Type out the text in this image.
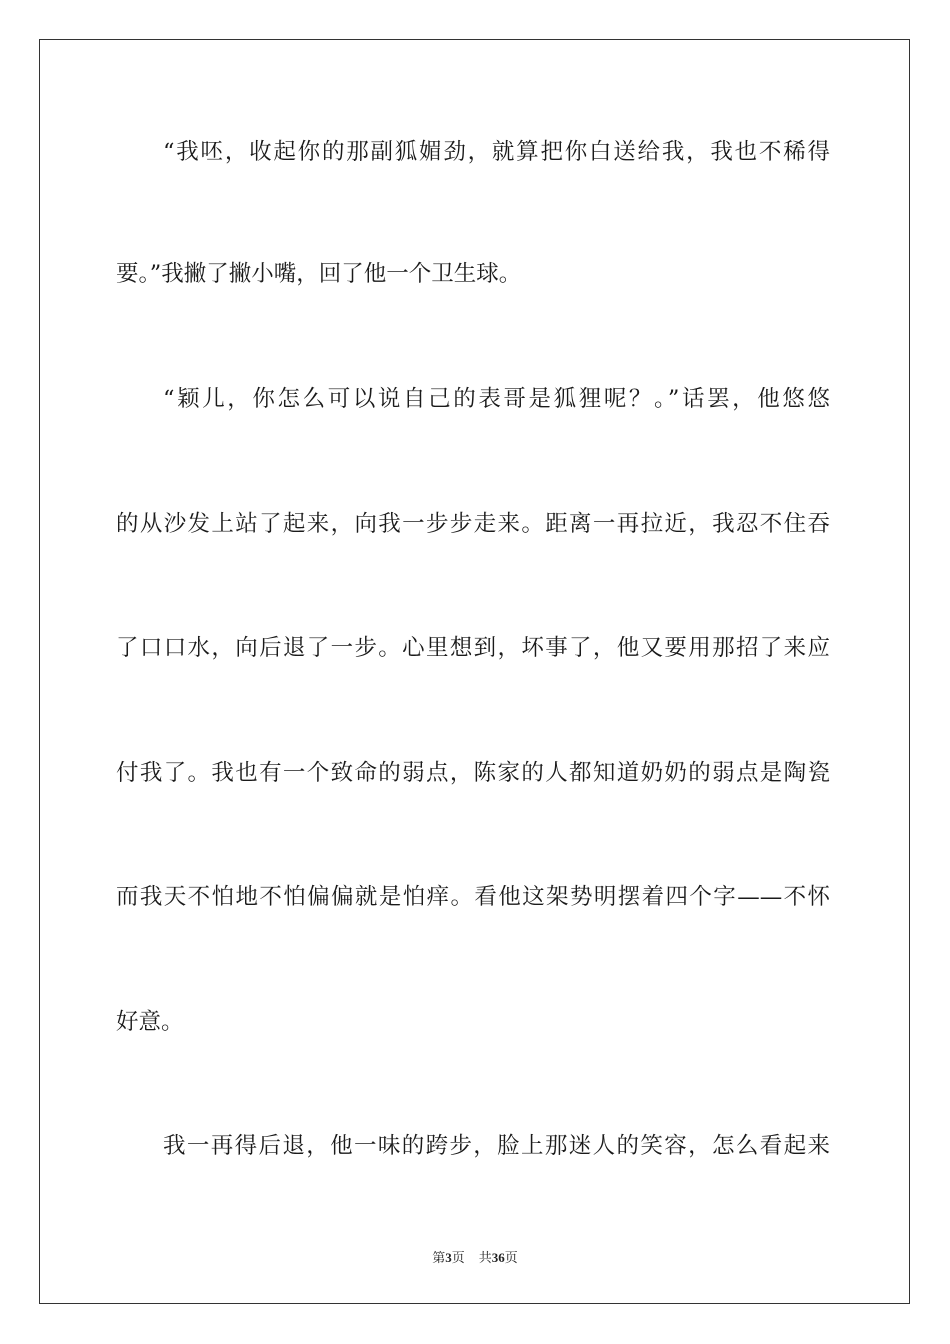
“我呸，收起你的那副狐媚劲，就算把你白送给我，我也不稀得
要。”我撇了撇小嘴，回了他一个卫生球。
“颖儿，你怎么可以说自己的表哥是狐狸呢？。”话罢，他悠悠
的从沙发上站了起来，向我一步步走来。距离一再拉近，我忍不住吞
了口口水，向后退了一步。心里想到，坏事了，他又要用那招了来应
付我了。我也有一个致命的弱点，陈家的人都知道奶奶的弱点是陶瓷
而我天不怕地不怕偏偏就是怕痒。看他这架势明摆着四个字——不怀
好意。
我一再得后退，他一味的跨步，脸上那迷人的笑容，怎么看起来
第3页 共36页
